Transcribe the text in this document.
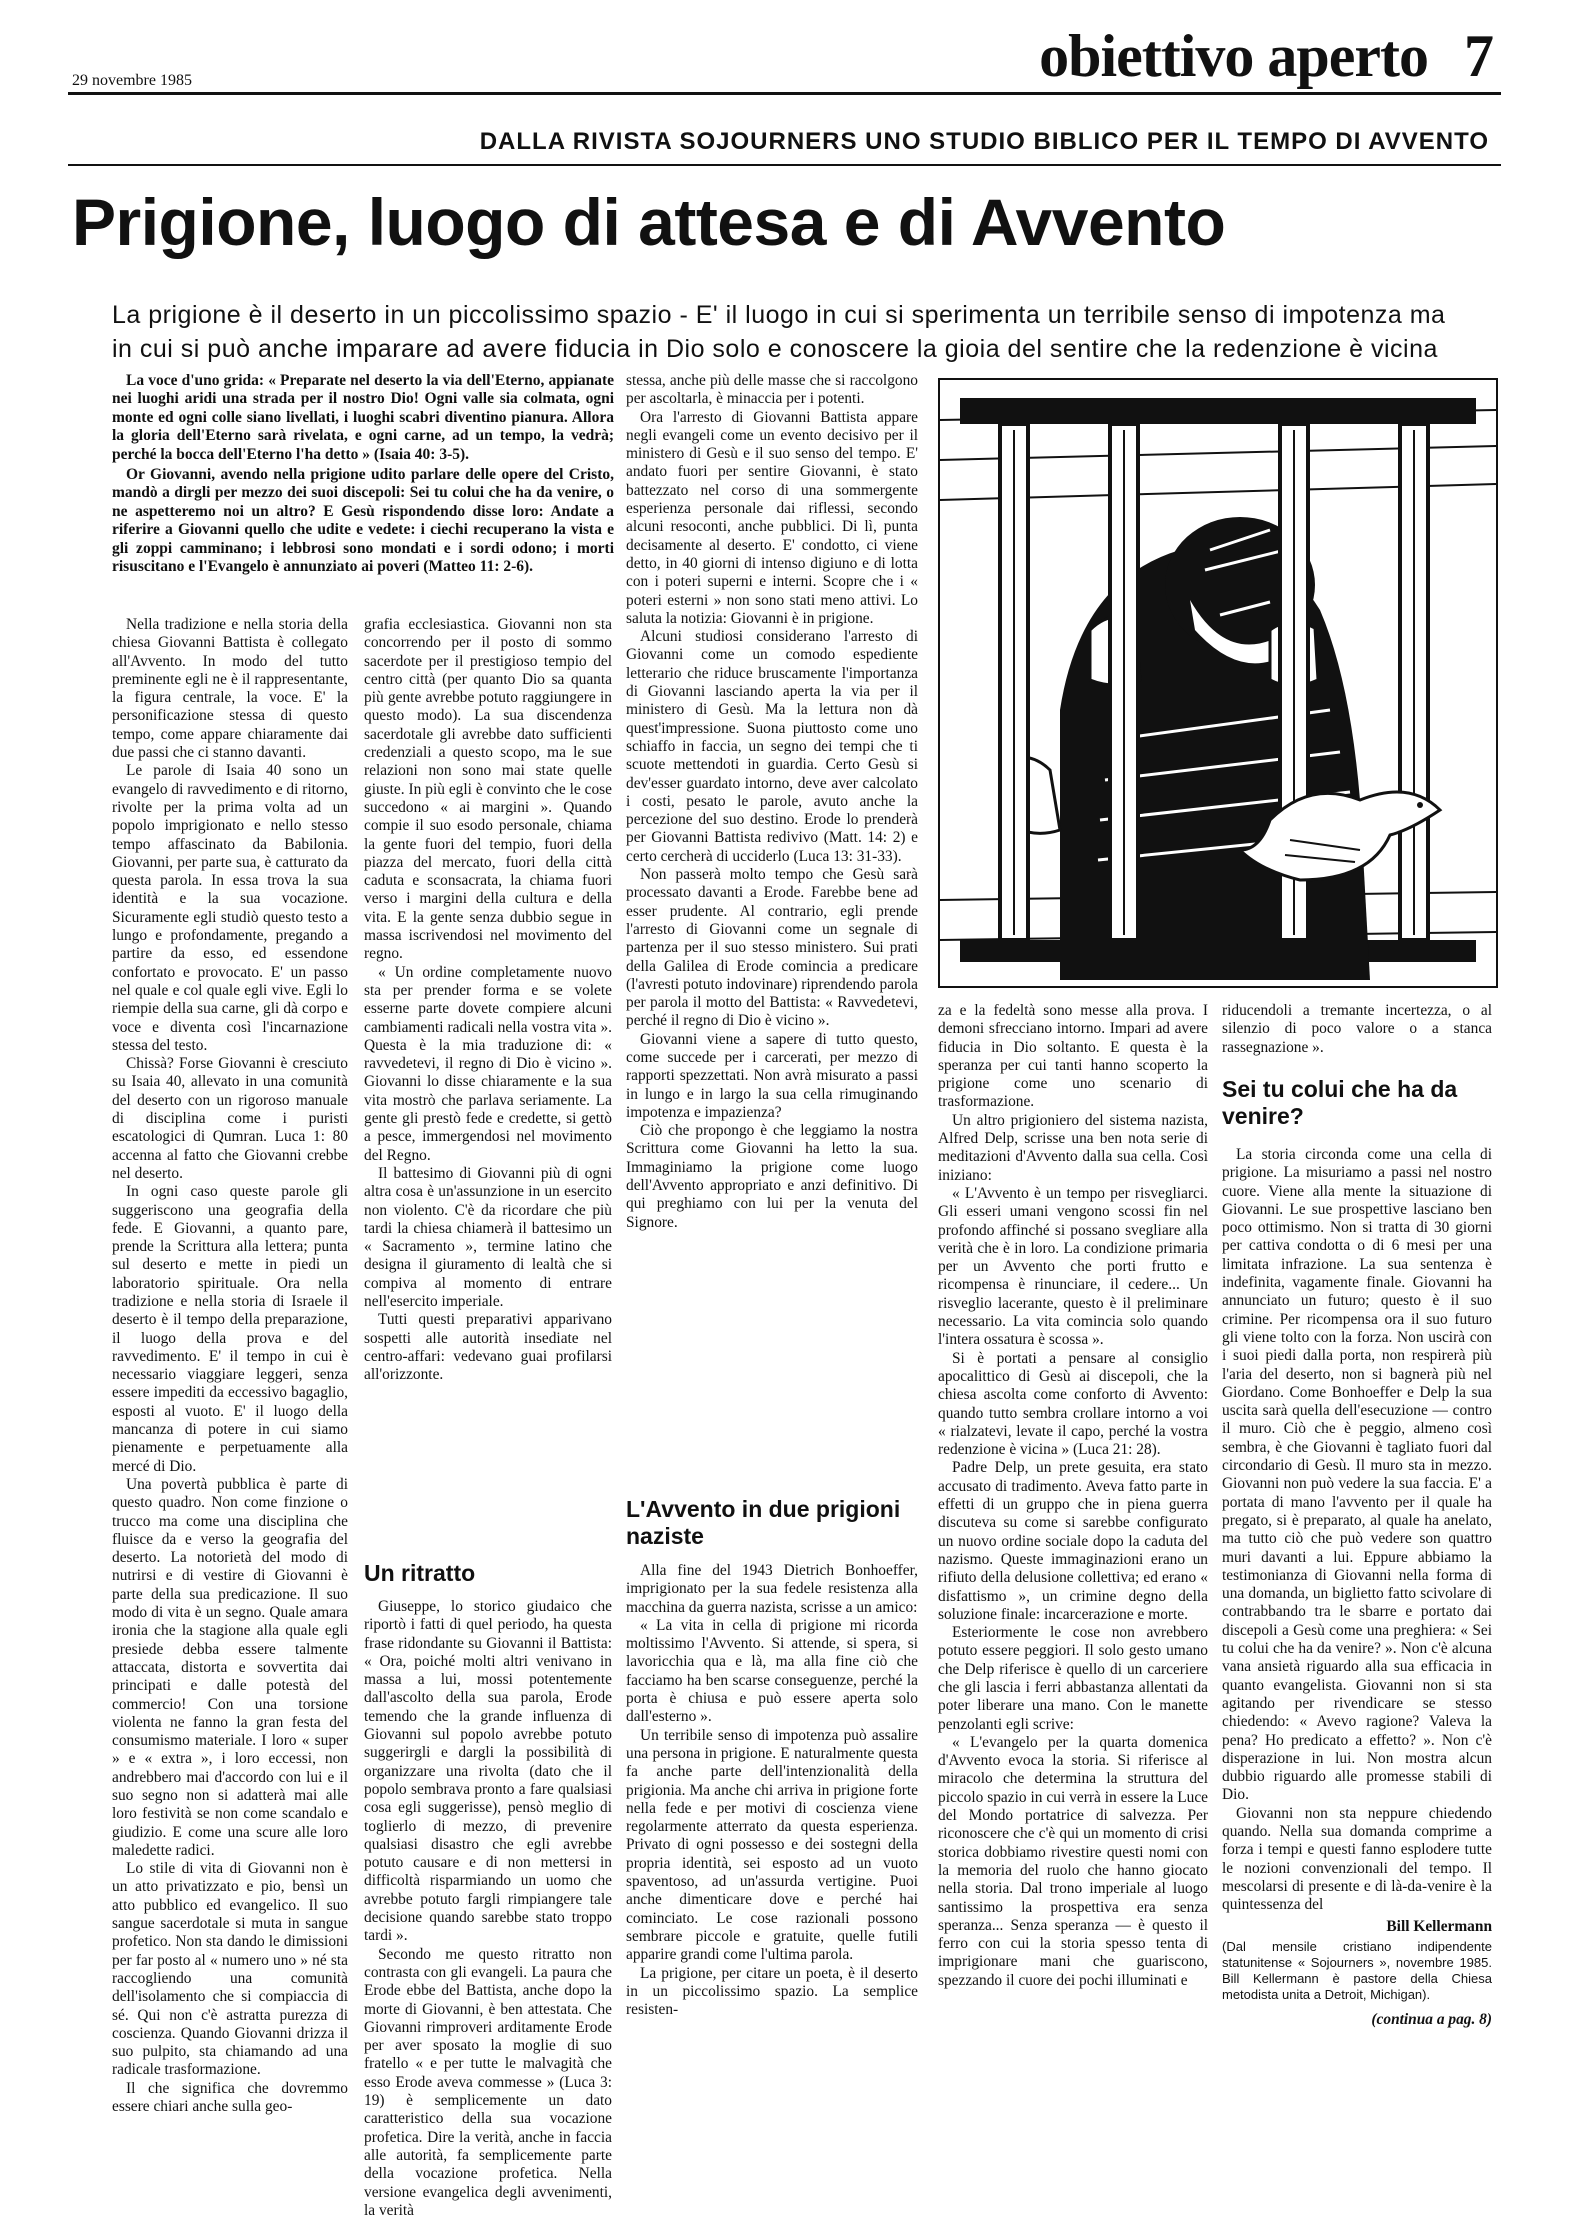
29 novembre 1985	obiettivo aperto 7
DALLA RIVISTA SOJOURNERS UNO STUDIO BIBLICO PER IL TEMPO DI AVVENTO
Prigione, luogo di attesa e di Avvento

La prigione è il deserto in un piccolissimo spazio - E' il luogo in cui si sperimenta un terribile senso di impotenza ma

in cui si può anche imparare ad avere fiducia in Dio solo e conoscere la gioia del sentire che la redenzione è vicina

La voce d'uno grida: « Preparate nel deserto la via dell'Eterno, appianate nei luoghi aridi una strada per il nostro Dio! Ogni valle sia colmata, ogni monte ed ogni colle siano livellati, i luoghi scabri diventino pianura. Allora la gloria dell'Eterno sarà rivelata, e ogni carne, ad un tempo, la vedrà; perché la bocca dell'Eterno l'ha detto » (Isaia 40: 3-5).

Or Giovanni, avendo nella prigione udito parlare delle opere del Cristo, mandò a dirgli per mezzo dei suoi discepoli: Sei tu colui che ha da venire, o ne aspetteremo noi un altro? E Gesù rispondendo disse loro: Andate a riferire a Giovanni quello che udite e vedete: i ciechi recuperano la vista e gli zoppi camminano; i lebbrosi sono mondati e i sordi odono; i morti risuscitano e l'Evangelo è annunziato ai poveri (Matteo 11: 2-6).

Nella tradizione e nella storia della chiesa Giovanni Battista è collegato all'Avvento. In modo del tutto preminente egli ne è il rappresentante, la figura centrale, la voce. E' la personificazione stessa di questo tempo, come appare chiaramente dai due passi che ci stanno davanti.

Le parole di Isaia 40 sono un evangelo di ravvedimento e di ritorno, rivolte per la prima volta ad un popolo imprigionato e nello stesso tempo affascinato da Babilonia. Giovanni, per parte sua, è catturato da questa parola. In essa trova la sua identità e la sua vocazione. Sicuramente egli studiò questo testo a lungo e profondamente, pregando a partire da esso, ed essendone confortato e provocato. E' un passo nel quale e col quale egli vive. Egli lo riempie della sua carne, gli dà corpo e voce e diventa così l'incarnazione stessa del testo.

Chissà? Forse Giovanni è cresciuto su Isaia 40, allevato in una comunità del deserto con un rigoroso manuale di disciplina come i puristi escatologici di Qumran. Luca 1: 80 accenna al fatto che Giovanni crebbe nel deserto.

In ogni caso queste parole gli suggeriscono una geografia della fede. E Giovanni, a quanto pare, prende la Scrittura alla lettera; punta sul deserto e mette in piedi un laboratorio spirituale. Ora nella tradizione e nella storia di Israele il deserto è il tempo della preparazione, il luogo della prova e del ravvedimento. E' il tempo in cui è necessario viaggiare leggeri, senza essere impediti da eccessivo bagaglio, esposti al vuoto. E' il luogo della mancanza di potere in cui siamo pienamente e perpetuamente alla mercé di Dio.

Una povertà pubblica è parte di questo quadro. Non come finzione o trucco ma come una disciplina che fluisce da e verso la geografia del deserto. La notorietà del modo di nutrirsi e di vestire di Giovanni è parte della sua predicazione. Il suo modo di vita è un segno. Quale amara ironia che la stagione alla quale egli presiede debba essere talmente attaccata, distorta e sovvertita dai principati e dalle potestà del commercio! Con una torsione violenta ne fanno la gran festa del consumismo materiale. I loro « super » e « extra », i loro eccessi, non andrebbero mai d'accordo con lui e il suo segno non si adatterà mai alle loro festività se non come scandalo e giudizio. E come una scure alle loro maledette radici.

Lo stile di vita di Giovanni non è un atto privatizzato e pio, bensì un atto pubblico ed evangelico. Il suo sangue sacerdotale si muta in sangue profetico. Non sta dando le dimissioni per far posto al « numero uno » né sta raccogliendo una comunità dell'isolamento che si compiaccia di sé. Qui non c'è astratta purezza di coscienza. Quando Giovanni drizza il suo pulpito, sta chiamando ad una radicale trasformazione.

Il che significa che dovremmo essere chiari anche sulla geo-

grafia ecclesiastica. Giovanni non sta concorrendo per il posto di sommo sacerdote per il prestigioso tempio del centro città (per quanto Dio sa quanta più gente avrebbe potuto raggiungere in questo modo). La sua discendenza sacerdotale gli avrebbe dato sufficienti credenziali a questo scopo, ma le sue relazioni non sono mai state quelle giuste. In più egli è convinto che le cose succedono « ai margini ». Quando compie il suo esodo personale, chiama la gente fuori del tempio, fuori della piazza del mercato, fuori della città caduta e sconsacrata, la chiama fuori verso i margini della cultura e della vita. E la gente senza dubbio segue in massa iscrivendosi nel movimento del regno.

« Un ordine completamente nuovo sta per prender forma e se volete esserne parte dovete compiere alcuni cambiamenti radicali nella vostra vita ». Questa è la mia traduzione di: « ravvedetevi, il regno di Dio è vicino ». Giovanni lo disse chiaramente e la sua vita mostrò che parlava seriamente. La gente gli prestò fede e credette, si gettò a pesce, immergendosi nel movimento del Regno.

Il battesimo di Giovanni più di ogni altra cosa è un'assunzione in un esercito non violento. C'è da ricordare che più tardi la chiesa chiamerà il battesimo un « Sacramento », termine latino che designa il giuramento di lealtà che si compiva al momento di entrare nell'esercito imperiale.

Tutti questi preparativi apparivano sospetti alle autorità insediate nel centro-affari: vedevano guai profilarsi all'orizzonte.

Un ritratto

Giuseppe, lo storico giudaico che riportò i fatti di quel periodo, ha questa frase ridondante su Giovanni il Battista: « Ora, poiché molti altri venivano in massa a lui, mossi potentemente dall'ascolto della sua parola, Erode temendo che la grande influenza di Giovanni sul popolo avrebbe potuto suggerirgli e dargli la possibilità di organizzare una rivolta (dato che il popolo sembrava pronto a fare qualsiasi cosa egli suggerisse), pensò meglio di toglierlo di mezzo, di prevenire qualsiasi disastro che egli avrebbe potuto causare e di non mettersi in difficoltà risparmiando un uomo che avrebbe potuto fargli rimpiangere tale decisione quando sarebbe stato troppo tardi ».

Secondo me questo ritratto non contrasta con gli evangeli. La paura che Erode ebbe del Battista, anche dopo la morte di Giovanni, è ben attestata. Che Giovanni rimproveri arditamente Erode per aver sposato la moglie di suo fratello « e per tutte le malvagità che esso Erode aveva commesse » (Luca 3: 19) è semplicemente un dato caratteristico della sua vocazione profetica. Dire la verità, anche in faccia alle autorità, fa semplicemente parte della vocazione profetica. Nella versione evangelica degli avvenimenti, la verità

stessa, anche più delle masse che si raccolgono per ascoltarla, è minaccia per i potenti.

Ora l'arresto di Giovanni Battista appare negli evangeli come un evento decisivo per il ministero di Gesù e il suo senso del tempo. E' andato fuori per sentire Giovanni, è stato battezzato nel corso di una sommergente esperienza personale dai riflessi, secondo alcuni resoconti, anche pubblici. Di lì, punta decisamente al deserto. E' condotto, ci viene detto, in 40 giorni di intenso digiuno e di lotta con i poteri superni e interni. Scopre che i « poteri esterni » non sono stati meno attivi. Lo saluta la notizia: Giovanni è in prigione.

Alcuni studiosi considerano l'arresto di Giovanni come un comodo espediente letterario che riduce bruscamente l'importanza di Giovanni lasciando aperta la via per il ministero di Gesù. Ma la lettura non dà quest'impressione. Suona piuttosto come uno schiaffo in faccia, un segno dei tempi che ti scuote mettendoti in guardia. Certo Gesù si dev'esser guardato intorno, deve aver calcolato i costi, pesato le parole, avuto anche la percezione del suo destino. Erode lo prenderà per Giovanni Battista redivivo (Matt. 14: 2) e certo cercherà di ucciderlo (Luca 13: 31-33).

Non passerà molto tempo che Gesù sarà processato davanti a Erode. Farebbe bene ad esser prudente. Al contrario, egli prende l'arresto di Giovanni come un segnale di partenza per il suo stesso ministero. Sui prati della Galilea di Erode comincia a predicare (l'avresti potuto indovinare) riprendendo parola per parola il motto del Battista: « Ravvedetevi, perché il regno di Dio è vicino ».

Giovanni viene a sapere di tutto questo, come succede per i carcerati, per mezzo di rapporti spezzettati. Non avrà misurato a passi in lungo e in largo la sua cella rimuginando impotenza e impazienza?

Ciò che propongo è che leggiamo la nostra Scrittura come Giovanni ha letto la sua. Immaginiamo la prigione come luogo dell'Avvento appropriato e anzi definitivo. Di qui preghiamo con lui per la venuta del Signore.

L'Avvento in due prigioni naziste

Alla fine del 1943 Dietrich Bonhoeffer, imprigionato per la sua fedele resistenza alla macchina da guerra nazista, scrisse a un amico:

« La vita in cella di prigione mi ricorda moltissimo l'Avvento. Si attende, si spera, si lavoricchia qua e là, ma alla fine ciò che facciamo ha ben scarse conseguenze, perché la porta è chiusa e può essere aperta solo dall'esterno ».

Un terribile senso di impotenza può assalire una persona in prigione. E naturalmente questa fa anche parte dell'intenzionalità della prigionia. Ma anche chi arriva in prigione forte nella fede e per motivi di coscienza viene regolarmente atterrato da questa esperienza. Privato di ogni possesso e dei sostegni della propria identità, sei esposto ad un vuoto spaventoso, ad un'assurda vertigine. Puoi anche dimenticare dove e perché hai cominciato. Le cose razionali possono sembrare piccole e gratuite, quelle futili apparire grandi come l'ultima parola.

La prigione, per citare un poeta, è il deserto in un piccolissimo spazio. La semplice resisten-

za e la fedeltà sono messe alla prova. I demoni sfrecciano intorno. Impari ad avere fiducia in Dio soltanto. E questa è la speranza per cui tanti hanno scoperto la prigione come uno scenario di trasformazione.

Un altro prigioniero del sistema nazista, Alfred Delp, scrisse una ben nota serie di meditazioni d'Avvento dalla sua cella. Così iniziano:

« L'Avvento è un tempo per risvegliarci. Gli esseri umani vengono scossi fin nel profondo affinché si possano svegliare alla verità che è in loro. La condizione primaria per un Avvento che porti frutto e ricompensa è rinunciare, il cedere... Un risveglio lacerante, questo è il preliminare necessario. La vita comincia solo quando l'intera ossatura è scossa ».

Si è portati a pensare al consiglio apocalittico di Gesù ai discepoli, che la chiesa ascolta come conforto di Avvento: quando tutto sembra crollare intorno a voi « rialzatevi, levate il capo, perché la vostra redenzione è vicina » (Luca 21: 28).

Padre Delp, un prete gesuita, era stato accusato di tradimento. Aveva fatto parte in effetti di un gruppo che in piena guerra discuteva su come si sarebbe configurato un nuovo ordine sociale dopo la caduta del nazismo. Queste immaginazioni erano un rifiuto della delusione collettiva; ed erano « disfattismo », un crimine degno della soluzione finale: incarcerazione e morte.

Esteriormente le cose non avrebbero potuto essere peggiori. Il solo gesto umano che Delp riferisce è quello di un carceriere che gli lascia i ferri abbastanza allentati da poter liberare una mano. Con le manette penzolanti egli scrive:

« L'evangelo per la quarta domenica d'Avvento evoca la storia. Si riferisce al miracolo che determina la struttura del piccolo spazio in cui verrà in essere la Luce del Mondo portatrice di salvezza. Per riconoscere che c'è qui un momento di crisi storica dobbiamo rivestire questi nomi con la memoria del ruolo che hanno giocato nella storia. Dal trono imperiale al luogo santissimo la prospettiva era senza speranza... Senza speranza — è questo il ferro con cui la storia spesso tenta di imprigionare mani che guariscono, spezzando il cuore dei pochi illuminati e

riducendoli a tremante incertezza, o al silenzio di poco valore o a stanca rassegnazione ».

Sei tu colui che ha da venire?

La storia circonda come una cella di prigione. La misuriamo a passi nel nostro cuore. Viene alla mente la situazione di Giovanni. Le sue prospettive lasciano ben poco ottimismo. Non si tratta di 30 giorni per cattiva condotta o di 6 mesi per una limitata infrazione. La sua sentenza è indefinita, vagamente finale. Giovanni ha annunciato un futuro; questo è il suo crimine. Per ricompensa ora il suo futuro gli viene tolto con la forza. Non uscirà con i suoi piedi dalla porta, non respirerà più l'aria del deserto, non si bagnerà più nel Giordano. Come Bonhoeffer e Delp la sua uscita sarà quella dell'esecuzione — contro il muro. Ciò che è peggio, almeno così sembra, è che Giovanni è tagliato fuori dal circondario di Gesù. Il muro sta in mezzo. Giovanni non può vedere la sua faccia. E' a portata di mano l'avvento per il quale ha pregato, si è preparato, al quale ha anelato, ma tutto ciò che può vedere son quattro muri davanti a lui. Eppure abbiamo la testimonianza di Giovanni nella forma di una domanda, un biglietto fatto scivolare di contrabbando tra le sbarre e portato dai discepoli a Gesù come una preghiera: « Sei tu colui che ha da venire? ». Non c'è alcuna vana ansietà riguardo alla sua efficacia in quanto evangelista. Giovanni non si sta agitando per rivendicare se stesso chiedendo: « Avevo ragione? Valeva la pena? Ho predicato a effetto? ». Non c'è disperazione in lui. Non mostra alcun dubbio riguardo alle promesse stabili di Dio.

Giovanni non sta neppure chiedendo quando. Nella sua domanda comprime a forza i tempi e questi fanno esplodere tutte le nozioni convenzionali del tempo. Il mescolarsi di presente e di là-da-venire è la quintessenza del

Bill Kellermann

(Dal mensile cristiano indipendente statunitense « Sojourners », novembre 1985. Bill Kellermann è pastore della Chiesa metodista unita a Detroit, Michigan).

(continua a pag. 8)
